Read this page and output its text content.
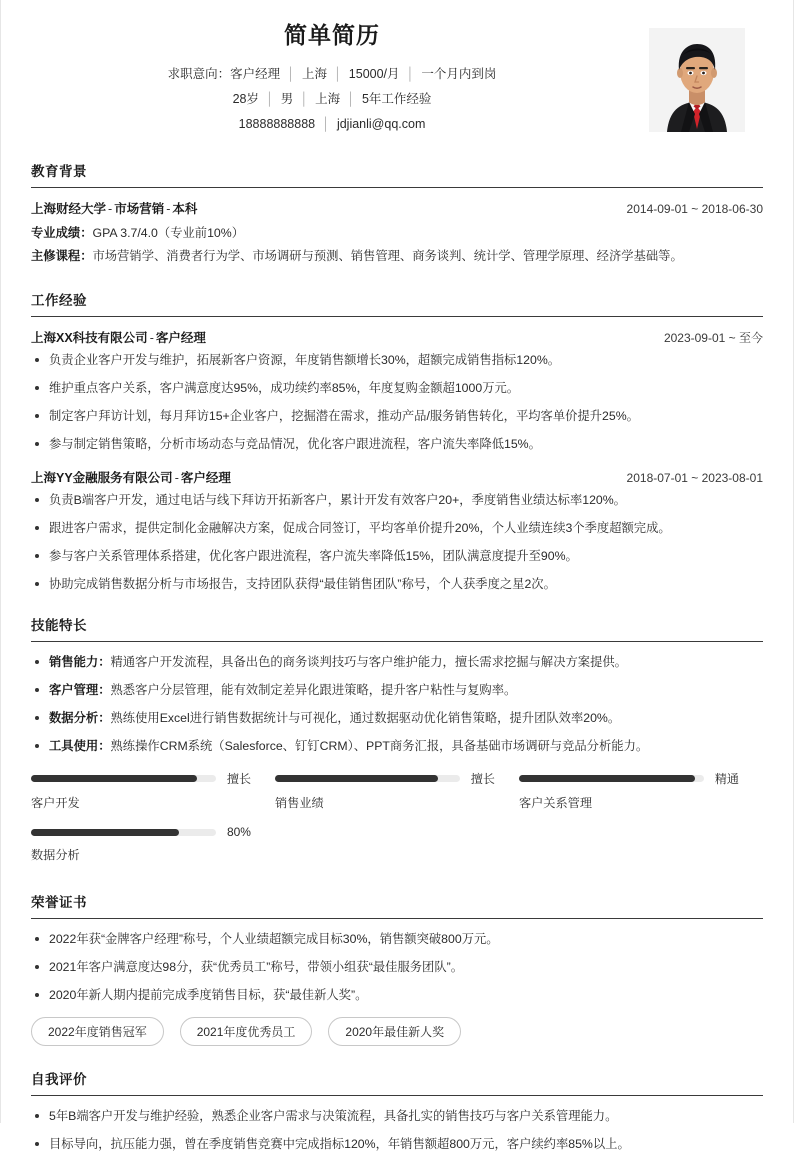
简单简历
求职意向：客户经理 │ 上海 │ 15000/月 │ 一个月内到岗
28岁 │ 男 │ 上海 │ 5年工作经验
18888888888 │ jdjianli@qq.com
教育背景
上海财经大学 - 市场营销 - 本科	2014-09-01 ~ 2018-06-30
专业成绩：GPA 3.7/4.0（专业前10%）
主修课程：市场营销学、消费者行为学、市场调研与预测、销售管理、商务谈判、统计学、管理学原理、经济学基础等。
工作经验
上海XX科技有限公司 - 客户经理	2023-09-01 ~ 至今
负责企业客户开发与维护，拓展新客户资源，年度销售额增长30%，超额完成销售指标120%。
维护重点客户关系，客户满意度达95%，成功续约率85%，年度复购金额超1000万元。
制定客户拜访计划，每月拜访15+企业客户，挖掘潜在需求，推动产品/服务销售转化，平均客单价提升25%。
参与制定销售策略，分析市场动态与竞品情况，优化客户跟进流程，客户流失率降低15%。
上海YY金融服务有限公司 - 客户经理	2018-07-01 ~ 2023-08-01
负责B端客户开发，通过电话与线下拜访开拓新客户，累计开发有效客户20+，季度销售业绩达标率120%。
跟进客户需求，提供定制化金融解决方案，促成合同签订，平均客单价提升20%，个人业绩连续3个季度超额完成。
参与客户关系管理体系搭建，优化客户跟进流程，客户流失率降低15%，团队满意度提升至90%。
协助完成销售数据分析与市场报告，支持团队获得“最佳销售团队”称号，个人获季度之星2次。
技能特长
销售能力：精通客户开发流程，具备出色的商务谈判技巧与客户维护能力，擅长需求挖掘与解决方案提供。
客户管理：熟悉客户分层管理，能有效制定差异化跟进策略，提升客户粘性与复购率。
数据分析：熟练使用Excel进行销售数据统计与可视化，通过数据驱动优化销售策略，提升团队效率20%。
工具使用：熟练操作CRM系统（Salesforce、钉钉CRM）、PPT商务汇报，具备基础市场调研与竞品分析能力。
擅长
客户开发
擅长
销售业绩
精通
客户关系管理
80%
数据分析
荣誉证书
2022年获“金牌客户经理”称号，个人业绩超额完成目标30%，销售额突破800万元。
2021年客户满意度达98分，获“优秀员工”称号，带领小组获“最佳服务团队”。
2020年新人期内提前完成季度销售目标，获“最佳新人奖”。
2022年度销售冠军	2021年度优秀员工	2020年最佳新人奖
自我评价
5年B端客户开发与维护经验，熟悉企业客户需求与决策流程，具备扎实的销售技巧与客户关系管理能力。
目标导向，抗压能力强，曾在季度销售竞赛中完成指标120%，年销售额超800万元，客户续约率85%以上。
